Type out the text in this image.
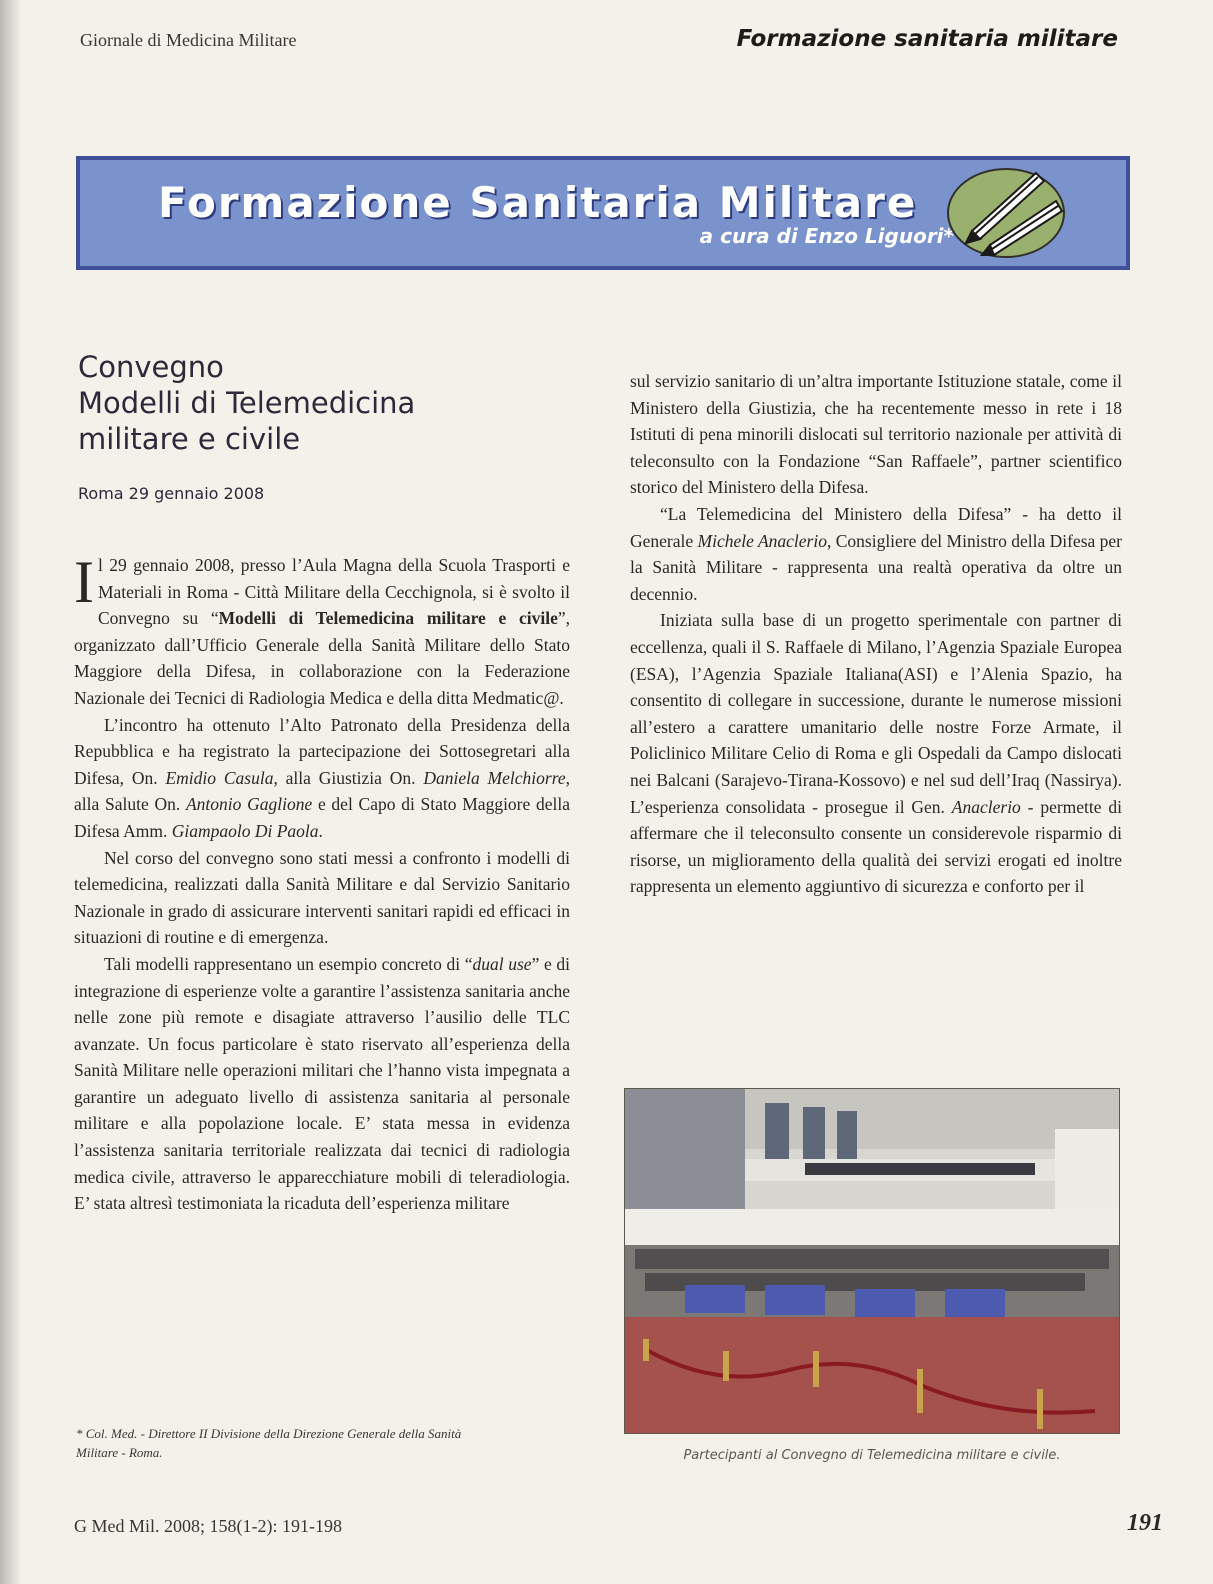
Giornale di Medicina Militare	Formazione sanitaria militare
Formazione Sanitaria Militare
a cura di Enzo Liguori*
Convegno
Modelli di Telemedicina
militare e civile
Roma 29 gennaio 2008

Il 29 gennaio 2008, presso l’Aula Magna della Scuola Trasporti e Materiali in Roma - Città Militare della Cecchignola, si è svolto il Convegno su “Modelli di Telemedicina militare e civile”, organizzato dall’Ufficio Generale della Sanità Militare dello Stato Maggiore della Difesa, in collaborazione con la Federazione Nazionale dei Tecnici di Radiologia Medica e della ditta Medmatic@.

L’incontro ha ottenuto l’Alto Patronato della Presidenza della Repubblica e ha registrato la partecipazione dei Sottosegretari alla Difesa, On. Emidio Casula, alla Giustizia On. Daniela Melchiorre, alla Salute On. Antonio Gaglione e del Capo di Stato Maggiore della Difesa Amm. Giampaolo Di Paola.

Nel corso del convegno sono stati messi a confronto i modelli di telemedicina, realizzati dalla Sanità Militare e dal Servizio Sanitario Nazionale in grado di assicurare interventi sanitari rapidi ed efficaci in situazioni di routine e di emergenza.

Tali modelli rappresentano un esempio concreto di “dual use” e di integrazione di esperienze volte a garantire l’assistenza sanitaria anche nelle zone più remote e disagiate attraverso l’ausilio delle TLC avanzate. Un focus particolare è stato riservato all’esperienza della Sanità Militare nelle operazioni militari che l’hanno vista impegnata a garantire un adeguato livello di assistenza sanitaria al personale militare e alla popolazione locale. E’ stata messa in evidenza l’assistenza sanitaria territoriale realizzata dai tecnici di radiologia medica civile, attraverso le apparecchiature mobili di teleradiologia. E’ stata altresì testimoniata la ricaduta dell’esperienza militare

sul servizio sanitario di un’altra importante Istituzione statale, come il Ministero della Giustizia, che ha recentemente messo in rete i 18 Istituti di pena minorili dislocati sul territorio nazionale per attività di teleconsulto con la Fondazione “San Raffaele”, partner scientifico storico del Ministero della Difesa.

“La Telemedicina del Ministero della Difesa” - ha detto il Generale Michele Anaclerio, Consigliere del Ministro della Difesa per la Sanità Militare - rappresenta una realtà operativa da oltre un decennio.

Iniziata sulla base di un progetto sperimentale con partner di eccellenza, quali il S. Raffaele di Milano, l’Agenzia Spaziale Europea (ESA), l’Agenzia Spaziale Italiana(ASI) e l’Alenia Spazio, ha consentito di collegare in successione, durante le numerose missioni all’estero a carattere umanitario delle nostre Forze Armate, il Policlinico Militare Celio di Roma e gli Ospedali da Campo dislocati nei Balcani (Sarajevo-Tirana-Kossovo) e nel sud dell’Iraq (Nassirya). L’esperienza consolidata - prosegue il Gen. Anaclerio - permette di affermare che il teleconsulto consente un considerevole risparmio di risorse, un miglioramento della qualità dei servizi erogati ed inoltre rappresenta un elemento aggiuntivo di sicurezza e conforto per il

* Col. Med. - Direttore II Divisione della Direzione Generale della Sanità Militare - Roma.	Partecipanti al Convegno di Telemedicina militare e civile.
G Med Mil. 2008; 158(1-2): 191-198	191
